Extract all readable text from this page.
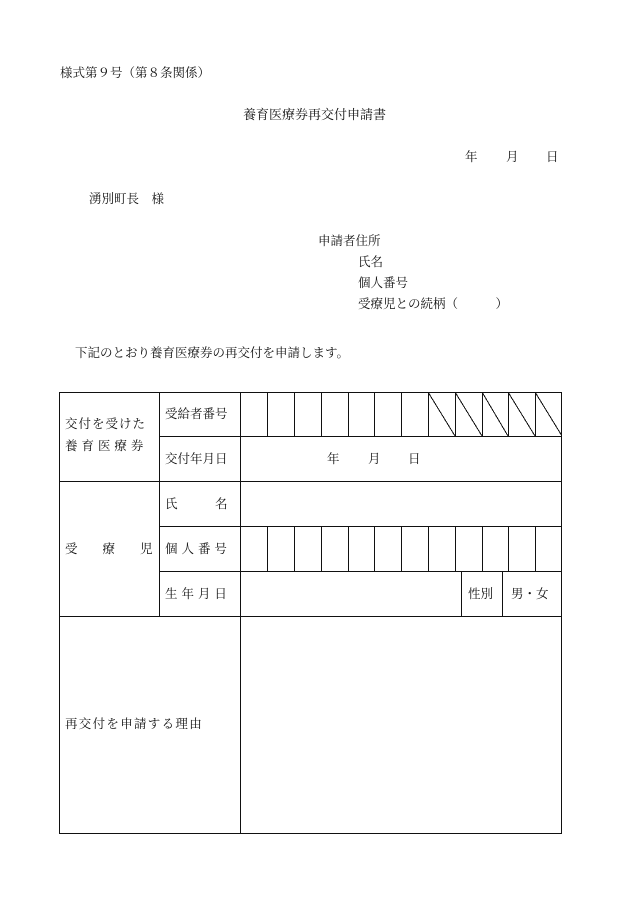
様式第９号（第８条関係）
養育医療券再交付申請書
年 月 日
湧別町長　様
申請者住所
氏名
個人番号
受療児との続柄（　　　）
下記のとおり養育医療券の再交付を申請します。
交付を受けた
養 育 医 療 券
受給者番号
交付年月日	年 月 日
受　　療　　児
氏　　　名
個 人 番 号
生 年 月 日	性別 男・女
再交付を申請する理由
